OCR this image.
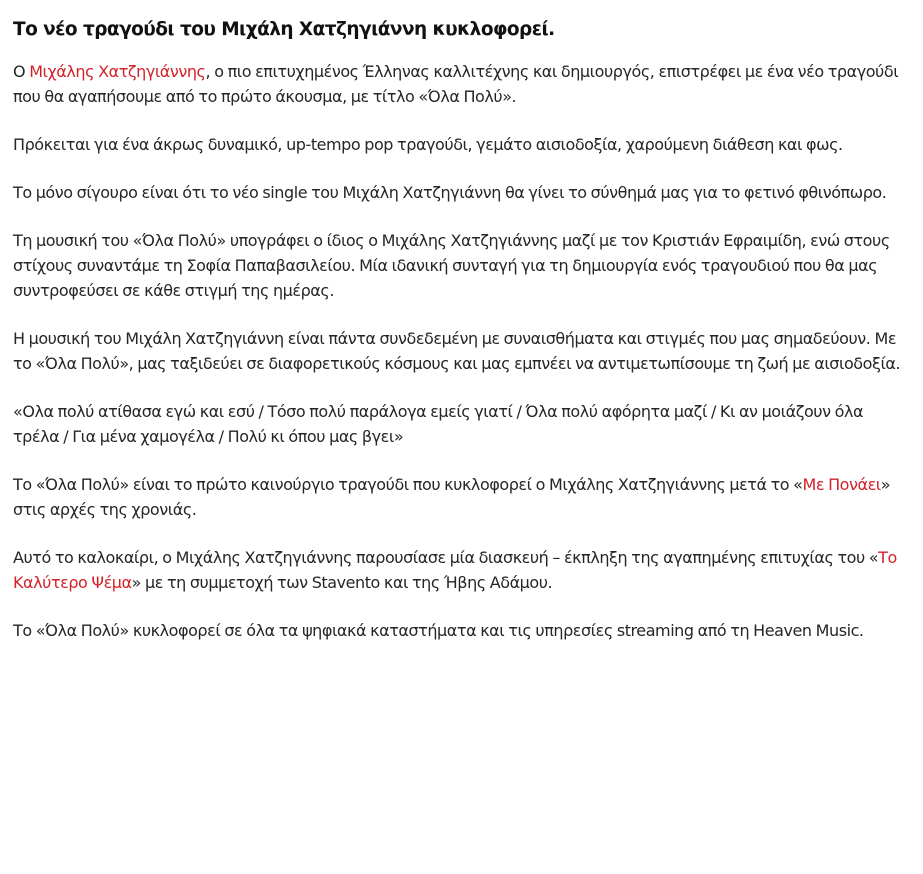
Το νέο τραγούδι του Μιχάλη Χατζηγιάννη κυκλοφορεί.

Ο Μιχάλης Χατζηγιάννης, ο πιο επιτυχημένος Έλληνας καλλιτέχνης και δημιουργός, επιστρέφει με ένα νέο τραγούδι που θα αγαπήσουμε από το πρώτο άκουσμα, με τίτλο «Όλα Πολύ».

Πρόκειται για ένα άκρως δυναμικό, up-tempo pop τραγούδι, γεμάτο αισιοδοξία, χαρούμενη διάθεση και φως.

Το μόνο σίγουρο είναι ότι το νέο single του Μιχάλη Χατζηγιάννη θα γίνει το σύνθημά μας για το φετινό φθινόπωρο.

Τη μουσική του «Όλα Πολύ» υπογράφει ο ίδιος ο Μιχάλης Χατζηγιάννης μαζί με τον Κριστιάν Εφραιμίδη, ενώ στους στίχους συναντάμε τη Σοφία Παπαβασιλείου. Μία ιδανική συνταγή για τη δημιουργία ενός τραγουδιού που θα μας συντροφεύσει σε κάθε στιγμή της ημέρας.

Η μουσική του Μιχάλη Χατζηγιάννη είναι πάντα συνδεδεμένη με συναισθήματα και στιγμές που μας σημαδεύουν. Με το «Όλα Πολύ», μας ταξιδεύει σε διαφορετικούς κόσμους και μας εμπνέει να αντιμετωπίσουμε τη ζωή με αισιοδοξία.

«Ολα πολύ ατίθασα εγώ και εσύ / Τόσο πολύ παράλογα εμείς γιατί / Όλα πολύ αφόρητα μαζί / Κι αν μοιάζουν όλα τρέλα / Για μένα χαμογέλα / Πολύ κι όπου μας βγει»

Το «Όλα Πολύ» είναι το πρώτο καινούργιο τραγούδι που κυκλοφορεί ο Μιχάλης Χατζηγιάννης μετά το «Με Πονάει» στις αρχές της χρονιάς.

Αυτό το καλοκαίρι, ο Μιχάλης Χατζηγιάννης παρουσίασε μία διασκευή – έκπληξη της αγαπημένης επιτυχίας του «Το Καλύτερο Ψέμα» με τη συμμετοχή των Stavento και της Ήβης Αδάμου.

Το «Όλα Πολύ» κυκλοφορεί σε όλα τα ψηφιακά καταστήματα και τις υπηρεσίες streaming από τη Heaven Music.
